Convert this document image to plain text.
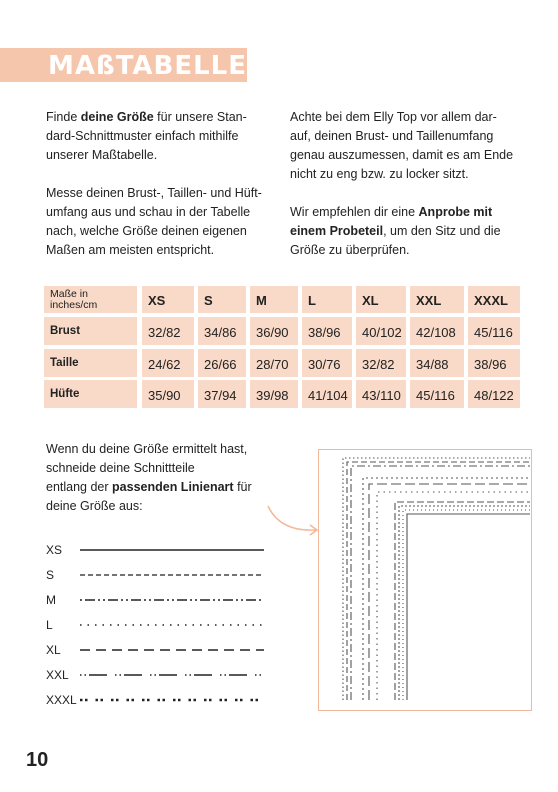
MAßTABELLE
Finde deine Größe für unsere Stan-
dard-Schnittmuster einfach mithilfe
unserer Maßtabelle.
Messe deinen Brust-, Taillen- und Hüft-
umfang aus und schau in der Tabelle
nach, welche Größe deinen eigenen
Maßen am meisten entspricht.
Achte bei dem Elly Top vor allem dar-
auf, deinen Brust- und Taillenumfang
genau auszumessen, damit es am Ende
nicht zu eng bzw. zu locker sitzt.
Wir empfehlen dir eine Anprobe mit
einem Probeteil, um den Sitz und die
Größe zu überprüfen.
Maße in
inches/cm	XS	S	M	L	XL	XXL	XXXL
Brust	32/82 34/86 36/90 38/96 40/102 42/108 45/116
Taille	24/62 26/66 28/70 30/76 32/82 34/88 38/96
Hüfte	35/90 37/94 39/98 41/104 43/110 45/116 48/122
Wenn du deine Größe ermittelt hast,
schneide deine Schnittteile
entlang der passenden Linienart für
deine Größe aus:
XS
S
M
L
XL
XXL
XXXL
10
